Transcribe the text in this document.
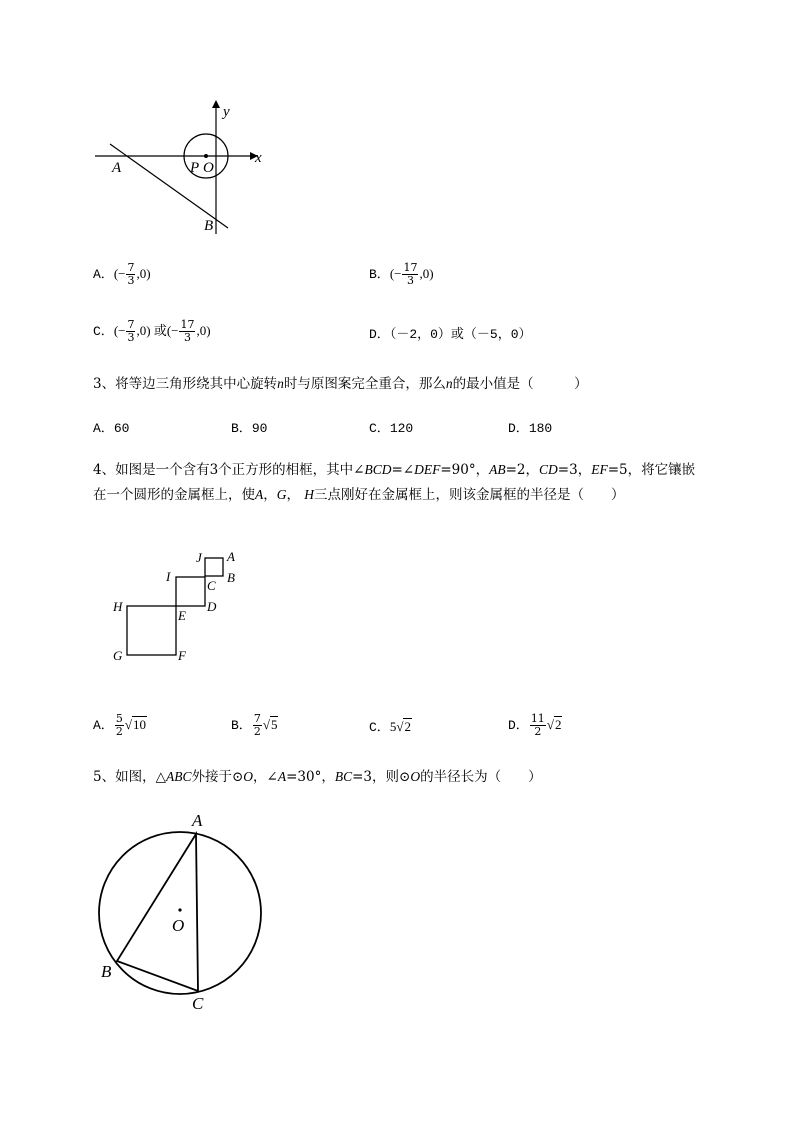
y
x
A	P O
B
A．(− $\frac{7}{3} ,0$)	B．(− $\frac{17}{3} ,0$)
C．(− $\frac{7}{3} ,0$) 或(− $\frac{17}{3} ,0$)	D．（－2，0）或（－5，0）
3、将等边三角形绕其中心旋转n时与原图案完全重合，那么n的最小值是（　　　）
A．60	B．90	C．120	D．180
4、如图是一个含有3个正方形的相框，其中∠BCD=∠DEF=90°，AB=2，CD=3，EF=5，将它镶嵌
在一个圆形的金属框上，使A，G， H三点刚好在金属框上，则该金属框的半径是（　　）
J A
I
C
B
H
E
D
G	F
A． $\frac{5}{2} √10$	B． $\frac{7}{2} √5$	C．5√2	D． $\frac{11}{2} √2$
5、如图，△ABC外接于⊙O，∠A=30°，BC=3，则⊙O的半径长为（　　）
A
O
B
C
